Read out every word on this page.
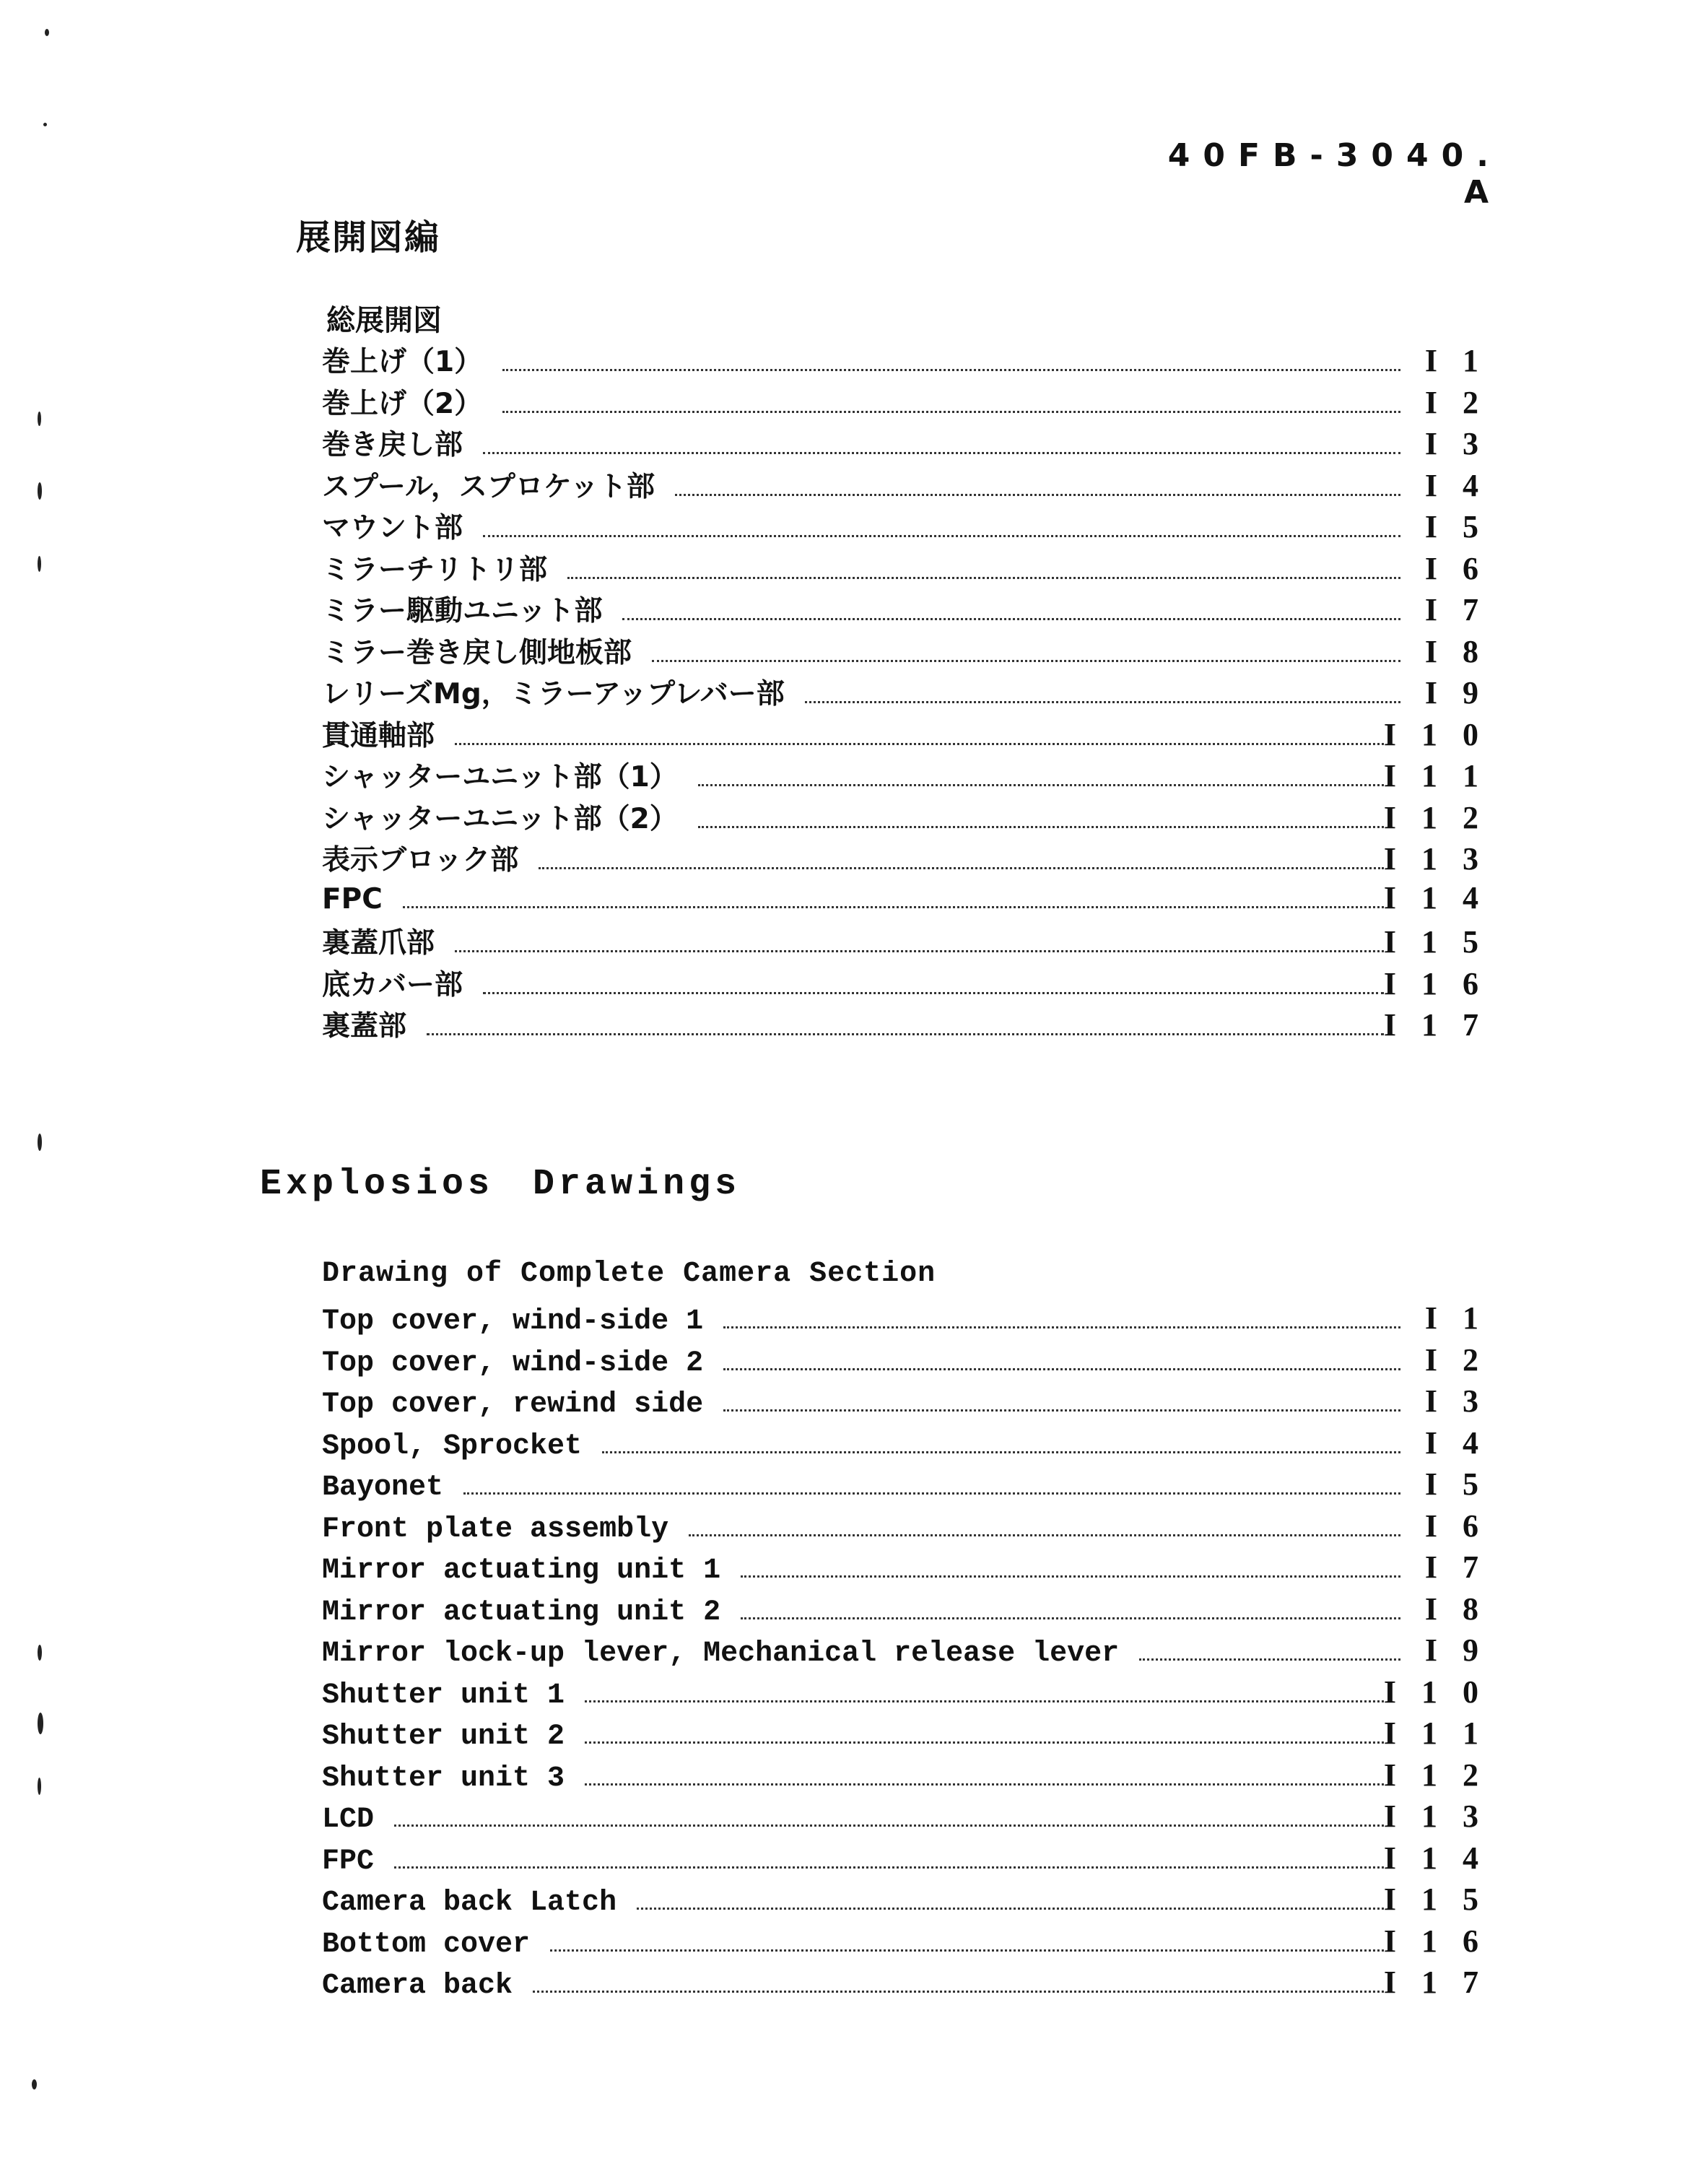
40FB-3040. A
展開図編
総展開図
巻上げ（1）	I 1
巻上げ（2）	I 2
巻き戻し部	I 3
スプール，スプロケット部	I 4
マウント部	I 5
ミラーチリトリ部	I 6
ミラー駆動ユニット部	I 7
ミラー巻き戻し側地板部	I 8
レリーズMg，ミラーアップレバー部	I 9
貫通軸部	I 1 0
シャッターユニット部（1）	I 1 1
シャッターユニット部（2）	I 1 2
表示ブロック部	I 1 3
FPC	I 1 4
裏蓋爪部	I 1 5
底カバー部	I 1 6
裏蓋部	I 1 7
Explosios Drawings
Drawing of Complete Camera Section
Top cover, wind-side 1	I 1
Top cover, wind-side 2	I 2
Top cover, rewind side	I 3
Spool, Sprocket	I 4
Bayonet	I 5
Front plate assembly	I 6
Mirror actuating unit 1	I 7
Mirror actuating unit 2	I 8
Mirror lock-up lever, Mechanical release lever	I 9
Shutter unit 1	I 1 0
Shutter unit 2	I 1 1
Shutter unit 3	I 1 2
LCD	I 1 3
FPC	I 1 4
Camera back Latch	I 1 5
Bottom cover	I 1 6
Camera back	I 1 7
